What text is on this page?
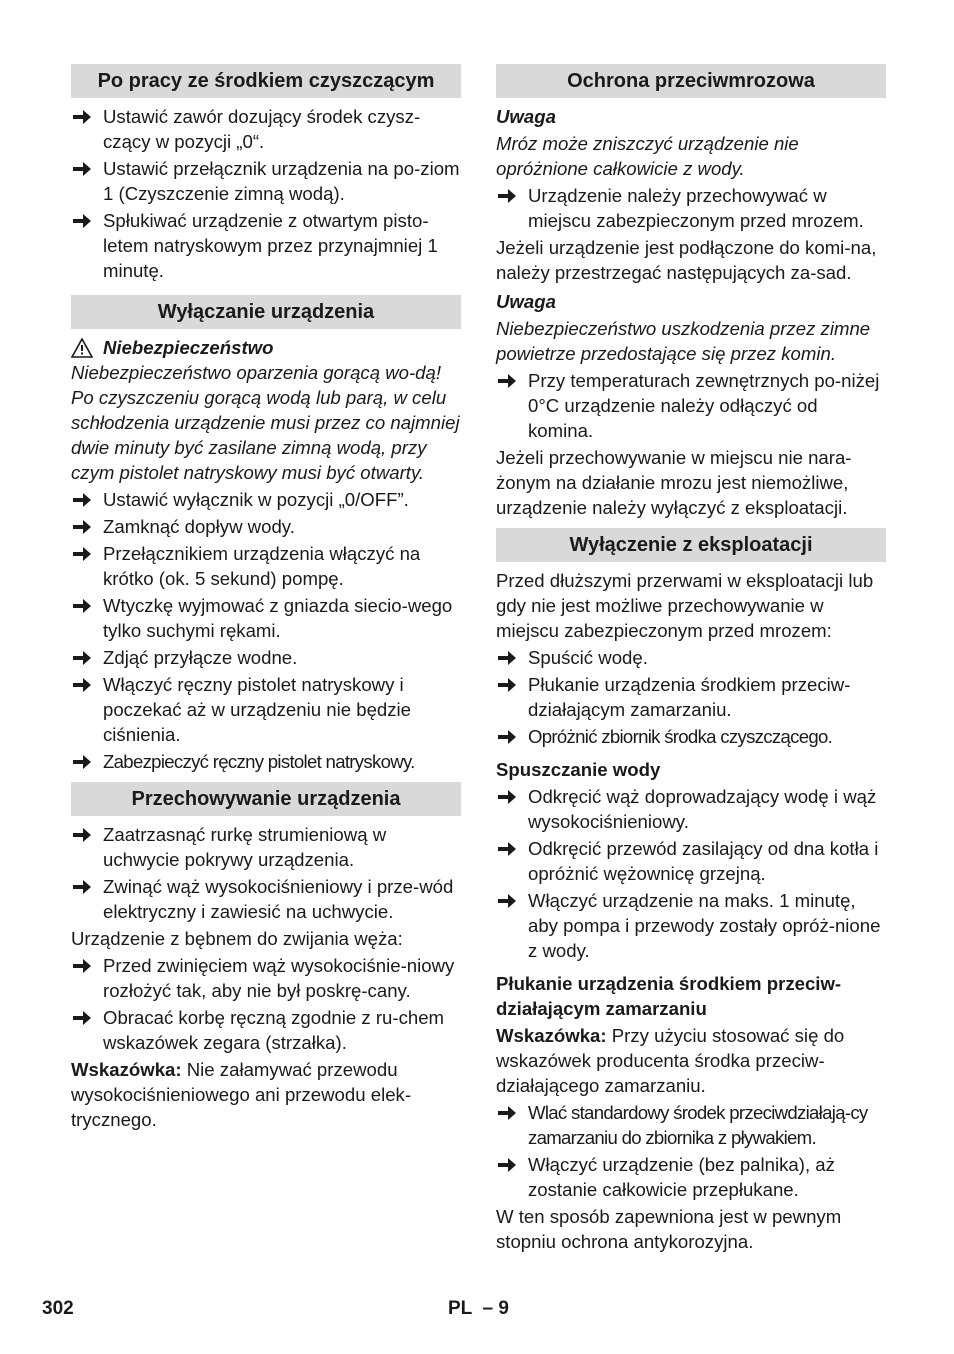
Po pracy ze środkiem czyszczącym
Ustawić zawór dozujący środek czysz-czący w pozycji „0“.
Ustawić przełącznik urządzenia na po-ziom 1 (Czyszczenie zimną wodą).
Spłukiwać urządzenie z otwartym pisto-letem natryskowym przez przynajmniej 1 minutę.
Wyłączanie urządzenia
Niebezpieczeństwo
Niebezpieczeństwo oparzenia gorącą wo-dą! Po czyszczeniu gorącą wodą lub parą, w celu schłodzenia urządzenie musi przez co najmniej dwie minuty być zasilane zimną wodą, przy czym pistolet natryskowy musi być otwarty.
Ustawić wyłącznik w pozycji „0/OFF”.
Zamknąć dopływ wody.
Przełącznikiem urządzenia włączyć na krótko (ok. 5 sekund) pompę.
Wtyczkę wyjmować z gniazda siecio-wego tylko suchymi rękami.
Zdjąć przyłącze wodne.
Włączyć ręczny pistolet natryskowy i poczekać aż w urządzeniu nie będzie ciśnienia.
Zabezpieczyć ręczny pistolet natryskowy.
Przechowywanie urządzenia
Zaatrzasnąć rurkę strumieniową w uchwycie pokrywy urządzenia.
Zwinąć wąż wysokociśnieniowy i prze-wód elektryczny i zawiesić na uchwycie.
Urządzenie z bębnem do zwijania węża:
Przed zwinięciem wąż wysokociśnie-niowy rozłożyć tak, aby nie był poskrę-cany.
Obracać korbę ręczną zgodnie z ru-chem wskazówek zegara (strzałka).
Wskazówka: Nie załamywać przewodu wysokociśnieniowego ani przewodu elek-trycznego.
Ochrona przeciwmrozowa
Uwaga
Mróz może zniszczyć urządzenie nie opróżnione całkowicie z wody.
Urządzenie należy przechowywać w miejscu zabezpieczonym przed mrozem.
Jeżeli urządzenie jest podłączone do komi-na, należy przestrzegać następujących za-sad.
Uwaga
Niebezpieczeństwo uszkodzenia przez zimne powietrze przedostające się przez komin.
Przy temperaturach zewnętrznych po-niżej 0°C urządzenie należy odłączyć od komina.
Jeżeli przechowywanie w miejscu nie nara-żonym na działanie mrozu jest niemożliwe, urządzenie należy wyłączyć z eksploatacji.
Wyłączenie z eksploatacji
Przed dłuższymi przerwami w eksploatacji lub gdy nie jest możliwe przechowywanie w miejscu zabezpieczonym przed mrozem:
Spuścić wodę.
Płukanie urządzenia środkiem przeciw-działającym zamarzaniu.
Opróżnić zbiornik środka czyszczącego.
Spuszczanie wody
Odkręcić wąż doprowadzający wodę i wąż wysokociśnieniowy.
Odkręcić przewód zasilający od dna kotła i opróżnić wężownicę grzejną.
Włączyć urządzenie na maks. 1 minutę, aby pompa i przewody zostały opróż-nione z wody.
Płukanie urządzenia środkiem przeciw-działającym zamarzaniu
Wskazówka: Przy użyciu stosować się do wskazówek producenta środka przeciw-działającego zamarzaniu.
Wlać standardowy środek przeciwdziałają-cy zamarzaniu do zbiornika z pływakiem.
Włączyć urządzenie (bez palnika), aż zostanie całkowicie przepłukane.
W ten sposób zapewniona jest w pewnym stopniu ochrona antykorozyjna.
302	PL  – 9
